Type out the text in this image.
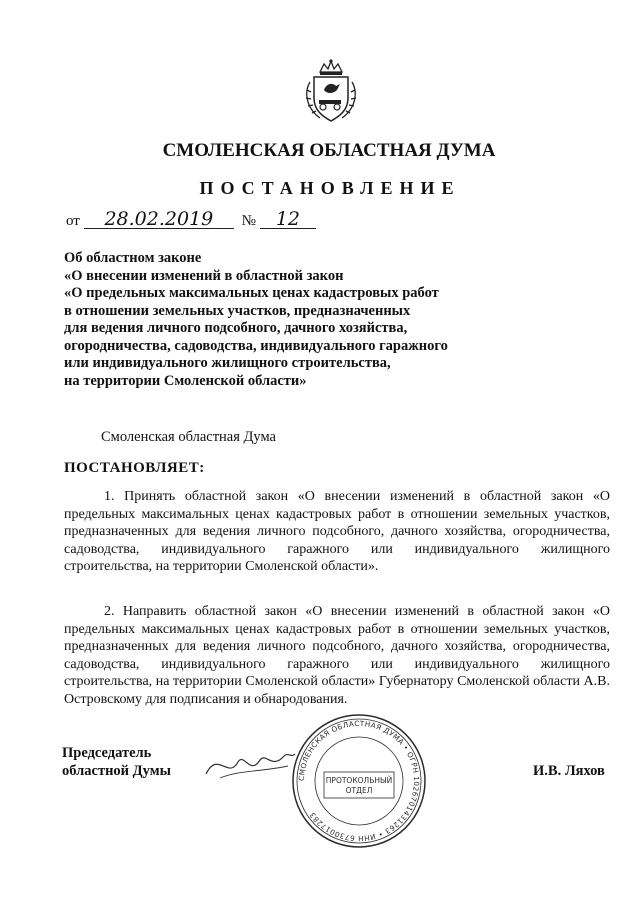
СМОЛЕНСКАЯ ОБЛАСТНАЯ ДУМА
ПОСТАНОВЛЕНИЕ
от 28.02.2019 № 12
Об областном законе
«О внесении изменений в областной закон
«О предельных максимальных ценах кадастровых работ
в отношении земельных участков, предназначенных
для ведения личного подсобного, дачного хозяйства,
огородничества, садоводства, индивидуального гаражного
или индивидуального жилищного строительства,
на территории Смоленской области»
Смоленская областная Дума
ПОСТАНОВЛЯЕТ:
1. Принять областной закон «О внесении изменений в областной закон «О предельных максимальных ценах кадастровых работ в отношении земельных участков, предназначенных для ведения личного подсобного, дачного хозяйства, огородничества, садоводства, индивидуального гаражного или индивидуального жилищного строительства, на территории Смоленской области».
2. Направить областной закон «О внесении изменений в областной закон «О предельных максимальных ценах кадастровых работ в отношении земельных участков, предназначенных для ведения личного подсобного, дачного хозяйства, огородничества, садоводства, индивидуального гаражного или индивидуального жилищного строительства, на территории Смоленской области» Губернатору Смоленской области А.В. Островскому для подписания и обнародования.
Председатель
областной Думы	СМОЛЕНСКАЯ ОБЛАСТНАЯ ДУМА • ОГРН 1026701431263 • ИНН 6730017283
ПРОТОКОЛЬНЫЙ
ОТДЕЛ
И.В. Ляхов
